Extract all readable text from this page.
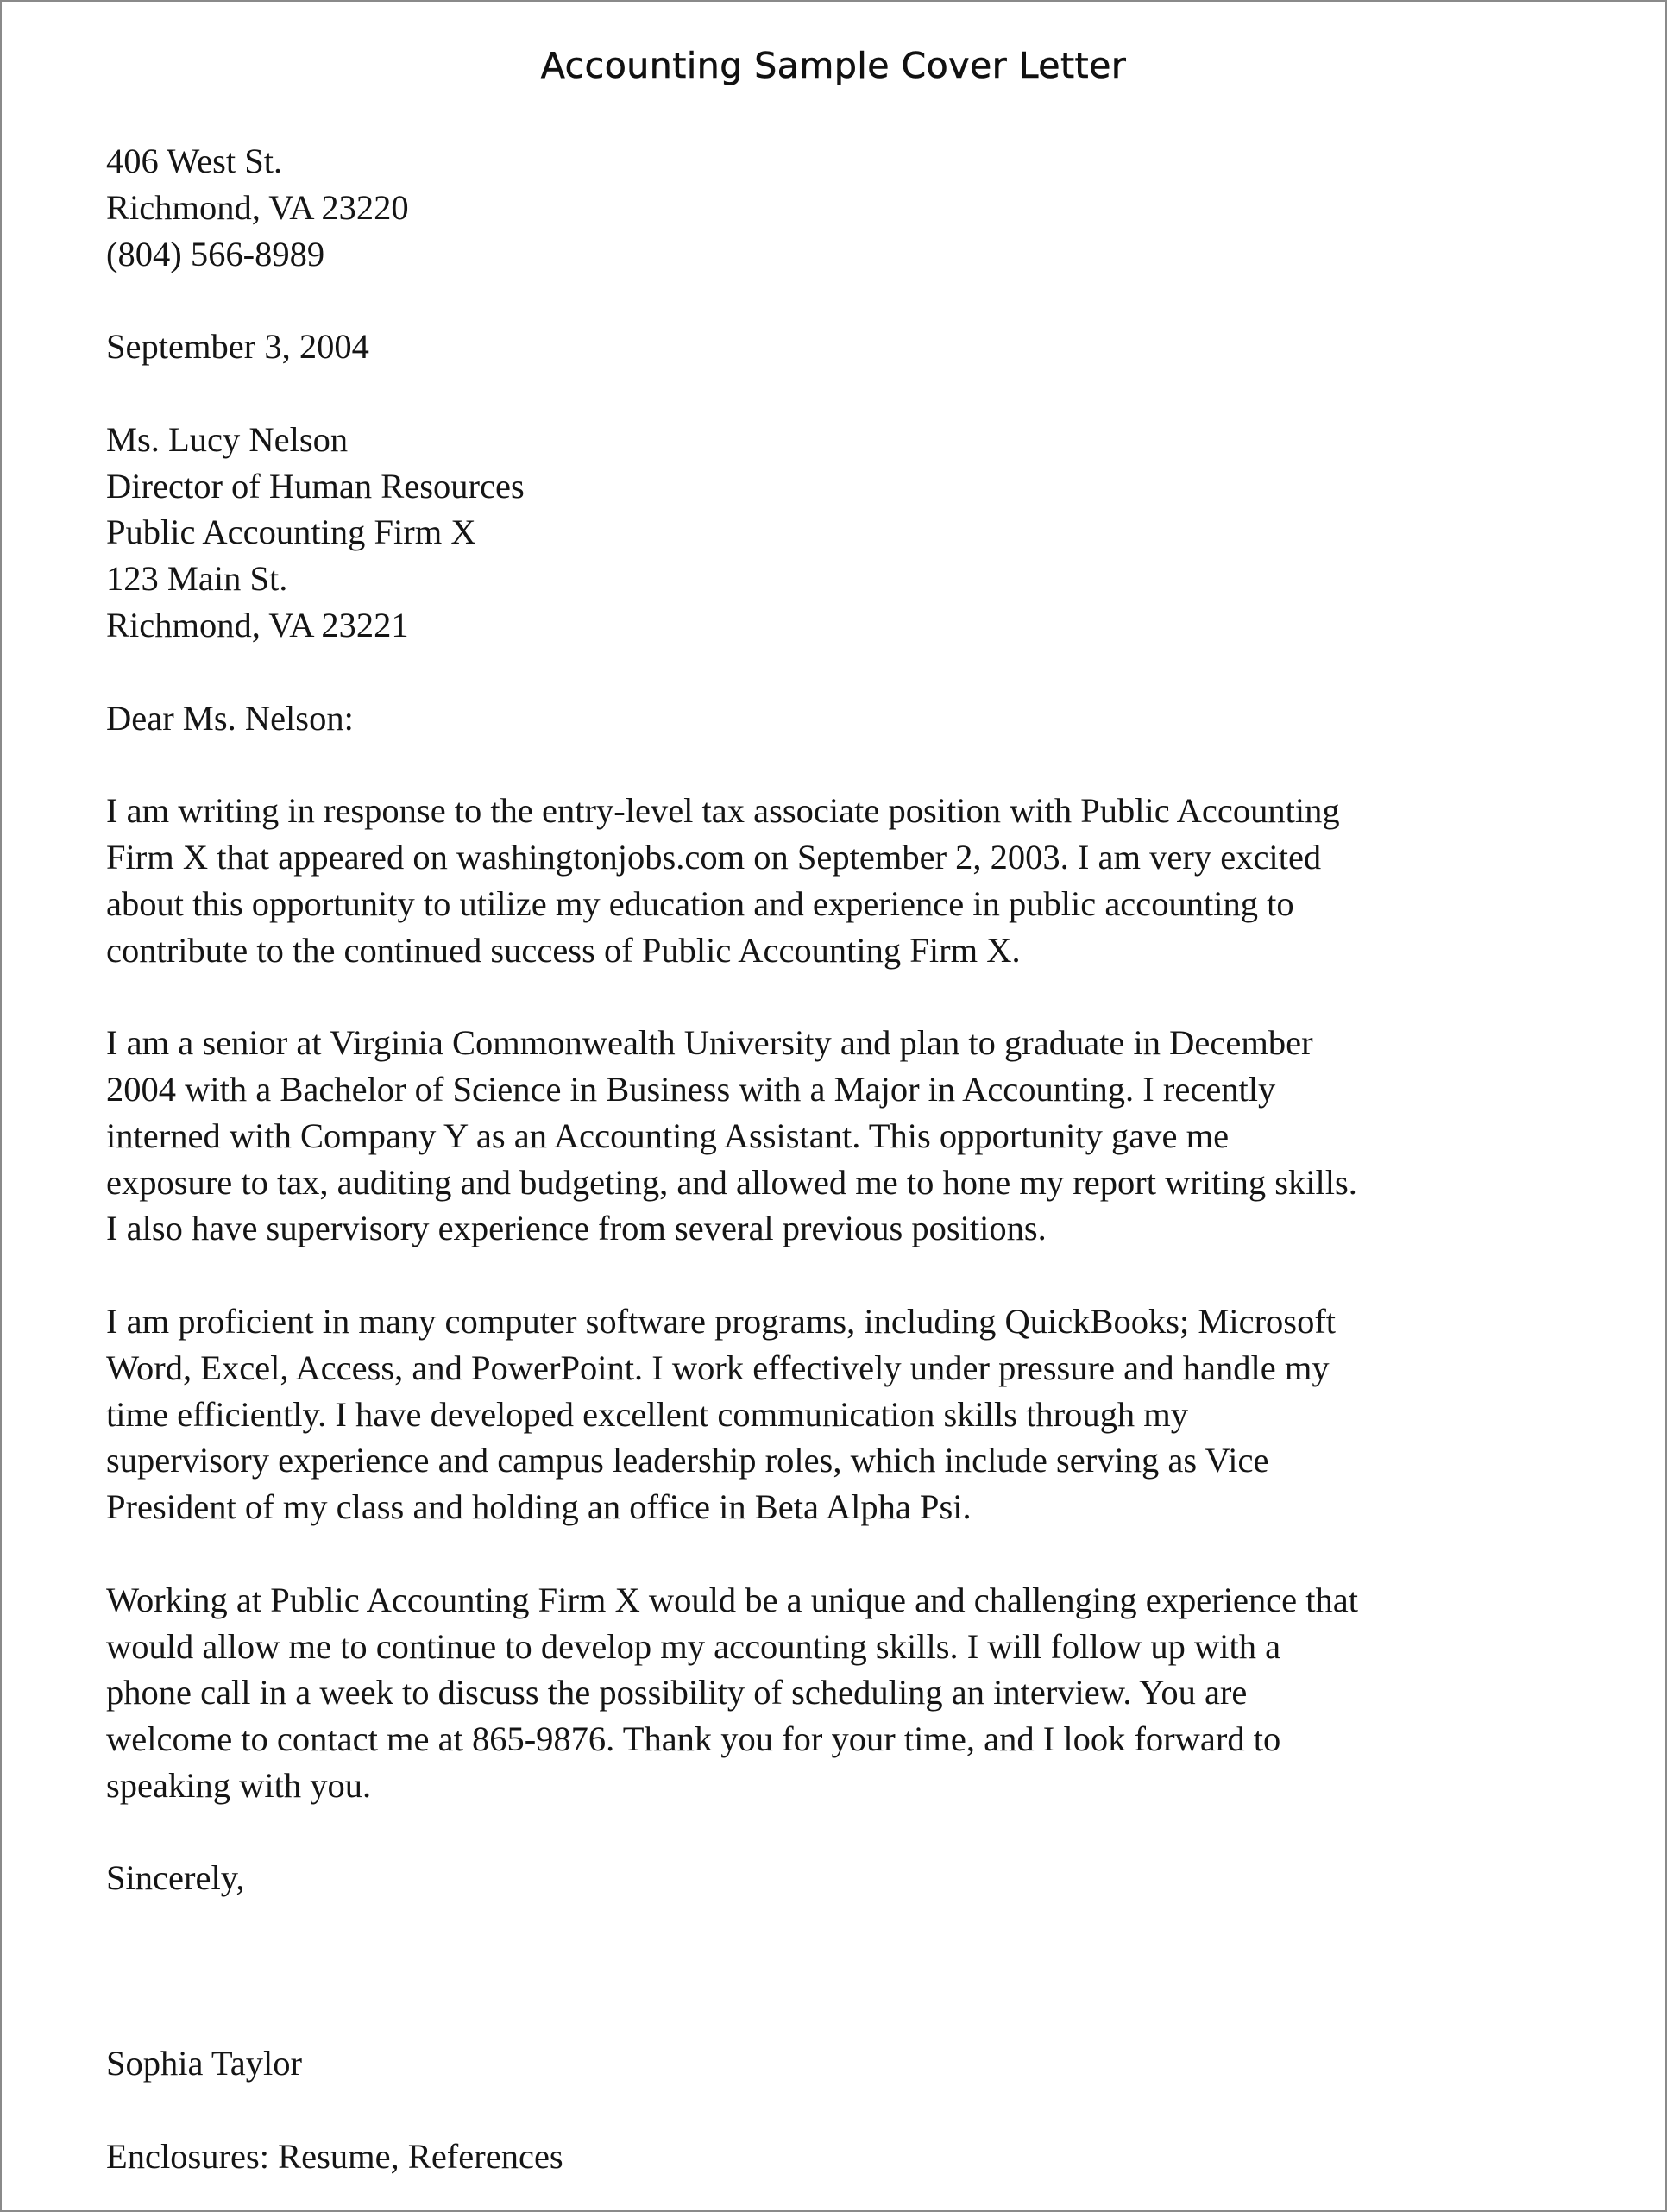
Accounting Sample Cover Letter
406 West St.
Richmond, VA 23220
(804) 566-8989
September 3, 2004
Ms. Lucy Nelson
Director of Human Resources
Public Accounting Firm X
123 Main St.
Richmond, VA 23221
Dear Ms. Nelson:
I am writing in response to the entry-level tax associate position with Public Accounting
Firm X that appeared on washingtonjobs.com on September 2, 2003. I am very excited
about this opportunity to utilize my education and experience in public accounting to
contribute to the continued success of Public Accounting Firm X.
I am a senior at Virginia Commonwealth University and plan to graduate in December
2004 with a Bachelor of Science in Business with a Major in Accounting. I recently
interned with Company Y as an Accounting Assistant. This opportunity gave me
exposure to tax, auditing and budgeting, and allowed me to hone my report writing skills.
I also have supervisory experience from several previous positions.
I am proficient in many computer software programs, including QuickBooks; Microsoft
Word, Excel, Access, and PowerPoint. I work effectively under pressure and handle my
time efficiently. I have developed excellent communication skills through my
supervisory experience and campus leadership roles, which include serving as Vice
President of my class and holding an office in Beta Alpha Psi.
Working at Public Accounting Firm X would be a unique and challenging experience that
would allow me to continue to develop my accounting skills. I will follow up with a
phone call in a week to discuss the possibility of scheduling an interview. You are
welcome to contact me at 865-9876. Thank you for your time, and I look forward to
speaking with you.
Sincerely,
Sophia Taylor
Enclosures: Resume, References
